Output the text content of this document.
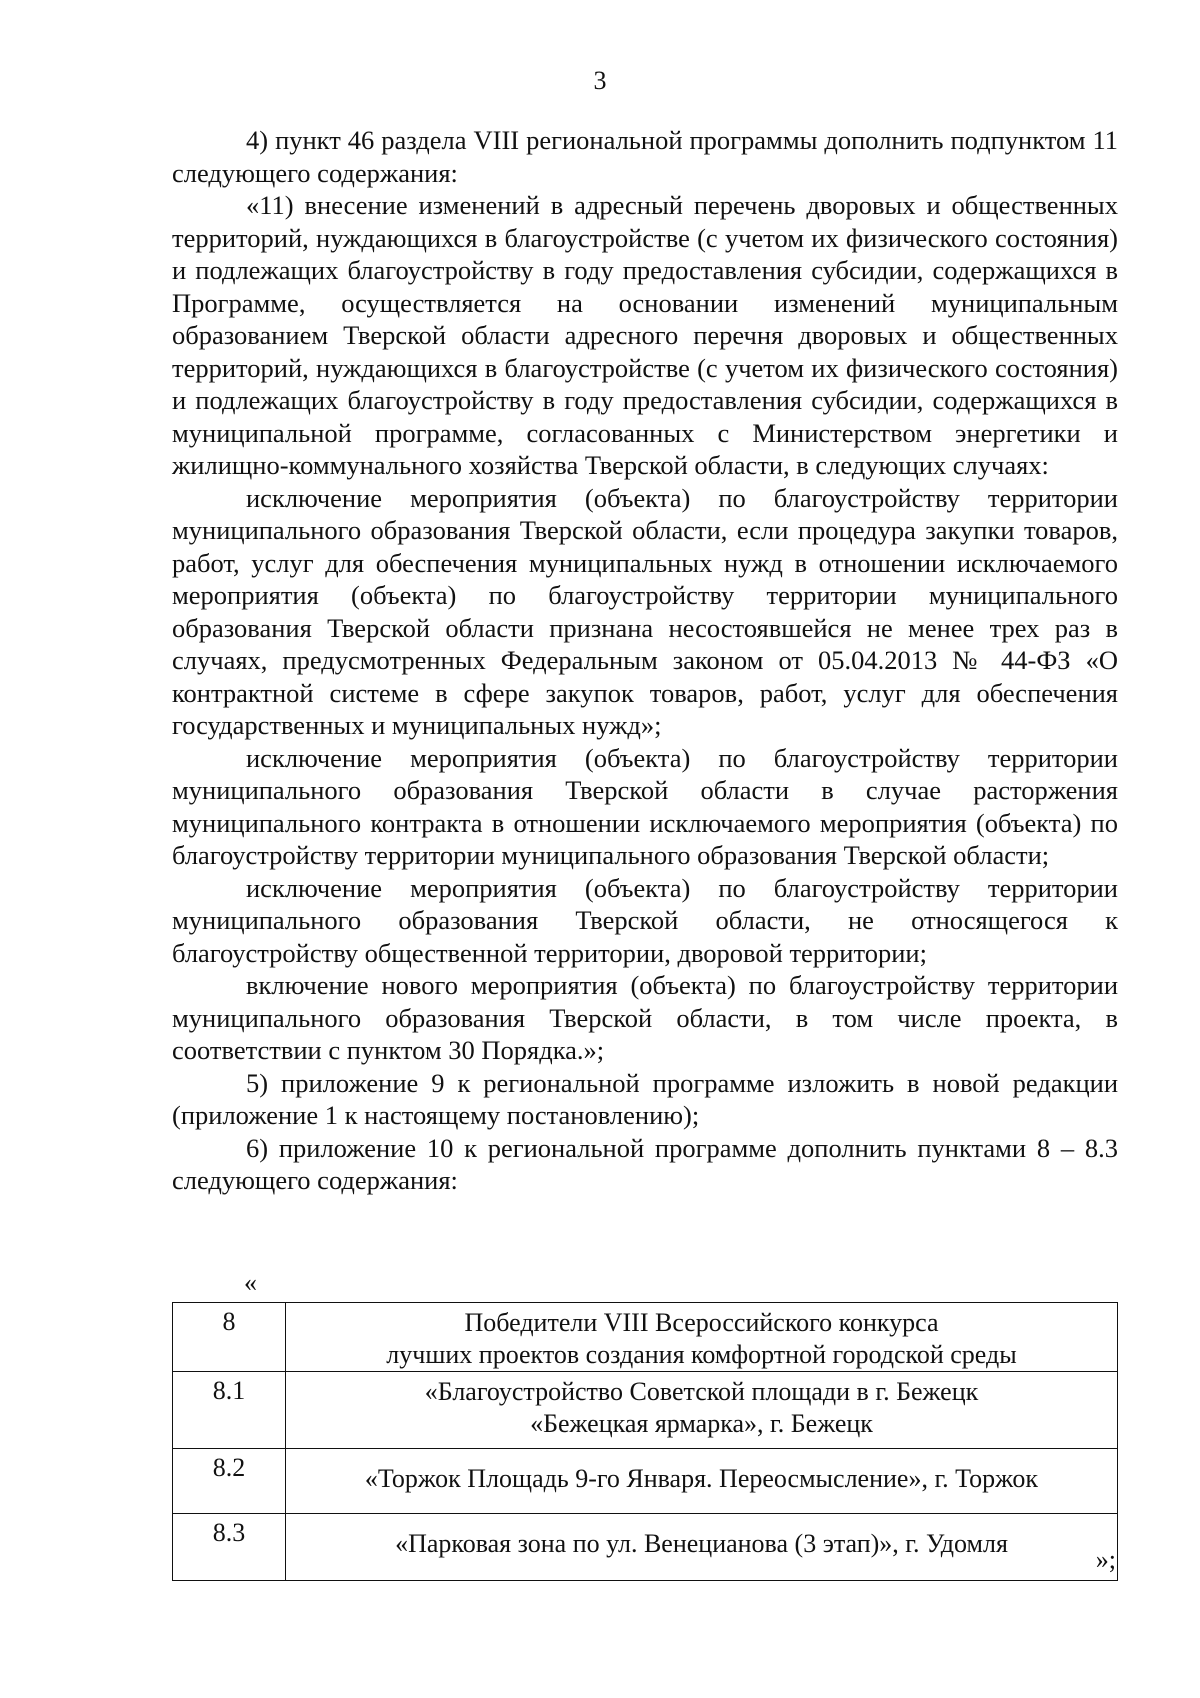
3

4) пункт 46 раздела VIII региональной программы дополнить подпунктом 11 следующего содержания:

«11) внесение изменений в адресный перечень дворовых и общественных территорий, нуждающихся в благоустройстве (с учетом их физического состояния) и подлежащих благоустройству в году предоставления субсидии, содержащихся в Программе, осуществляется на основании изменений муниципальным образованием Тверской области адресного перечня дворовых и общественных территорий, нуждающихся в благоустройстве (с учетом их физического состояния) и подлежащих благоустройству в году предоставления субсидии, содержащихся в муниципальной программе, согласованных с Министерством энергетики и жилищно-коммунального хозяйства Тверской области, в следующих случаях:

исключение мероприятия (объекта) по благоустройству территории муниципального образования Тверской области, если процедура закупки товаров, работ, услуг для обеспечения муниципальных нужд в отношении исключаемого мероприятия (объекта) по благоустройству территории муниципального образования Тверской области признана несостоявшейся не менее трех раз в случаях, предусмотренных Федеральным законом от 05.04.2013 № 44-ФЗ «О контрактной системе в сфере закупок товаров, работ, услуг для обеспечения государственных и муниципальных нужд»;

исключение мероприятия (объекта) по благоустройству территории муниципального образования Тверской области в случае расторжения муниципального контракта в отношении исключаемого мероприятия (объекта) по благоустройству территории муниципального образования Тверской области;

исключение мероприятия (объекта) по благоустройству территории муниципального образования Тверской области, не относящегося к благоустройству общественной территории, дворовой территории;

включение нового мероприятия (объекта) по благоустройству территории муниципального образования Тверской области, в том числе проекта, в соответствии с пунктом 30 Порядка.»;

5) приложение 9 к региональной программе изложить в новой редакции (приложение 1 к настоящему постановлению);

6) приложение 10 к региональной программе дополнить пунктами 8 – 8.3 следующего содержания:

«
8	Победители VIII Всероссийского конкурса
лучших проектов создания комфортной городской среды

8.1	«Благоустройство Советской площади в г. Бежецк
«Бежецкая ярмарка», г. Бежецк

8.2	«Торжок Площадь 9-го Января. Переосмысление», г. Торжок

8.3	«Парковая зона по ул. Венецианова (3 этап)», г. Удомля
»;
